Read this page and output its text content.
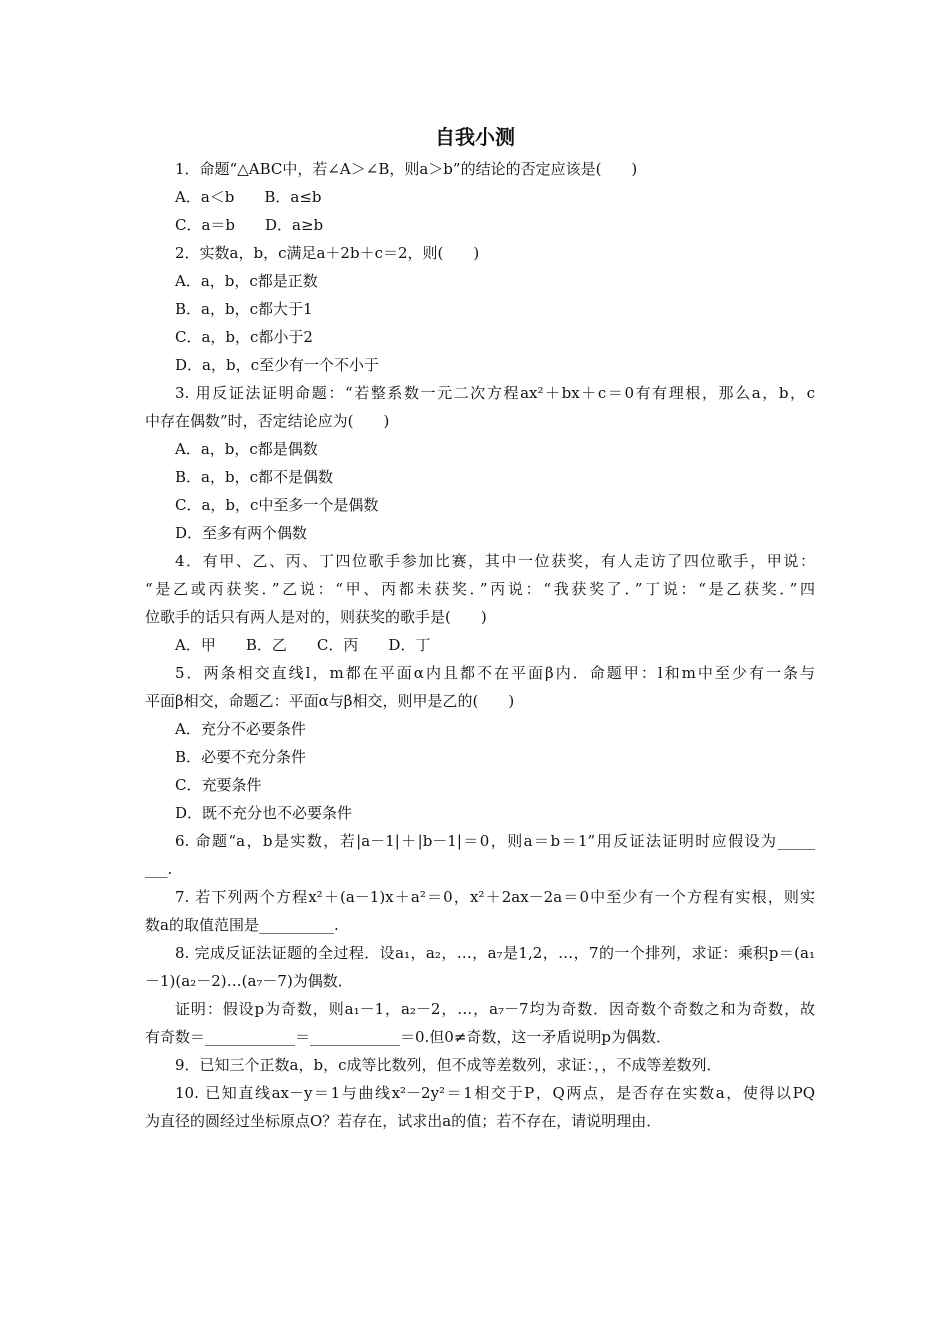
自我小测
1．命题“△ABC中，若∠A＞∠B，则a＞b”的结论的否定应该是(　　)
A．a＜b　　B．a≤b
C．a＝b　　D．a≥b
2．实数a，b，c满足a＋2b＋c＝2，则(　　)
A．a，b，c都是正数
B．a，b，c都大于1
C．a，b，c都小于2
D．a，b，c至少有一个不小于
3. 用反证法证明命题：“若整系数一元二次方程ax²＋bx＋c＝0有有理根，那么a，b，c
中存在偶数”时，否定结论应为(　　)
A．a，b，c都是偶数
B．a，b，c都不是偶数
C．a，b，c中至多一个是偶数
D．至多有两个偶数
4．有甲、乙、丙、丁四位歌手参加比赛，其中一位获奖，有人走访了四位歌手，甲说：
“是乙或丙获奖．”乙说：“甲、丙都未获奖．”丙说：“我获奖了．”丁说：“是乙获奖．”四
位歌手的话只有两人是对的，则获奖的歌手是(　　)
A．甲　　B．乙　　C．丙　　D．丁
5．两条相交直线l，m都在平面α内且都不在平面β内．命题甲：l和m中至少有一条与
平面β相交，命题乙：平面α与β相交，则甲是乙的(　　)
A．充分不必要条件
B．必要不充分条件
C．充要条件
D．既不充分也不必要条件
6. 命题“a，b是实数，若|a－1|＋|b－1|＝0，则a＝b＝1”用反证法证明时应假设为_____
___.
7. 若下列两个方程x²＋(a－1)x＋a²＝0，x²＋2ax－2a＝0中至少有一个方程有实根，则实
数a的取值范围是__________.
8. 完成反证法证题的全过程．设a₁，a₂，…，a₇是1,2，…，7的一个排列，求证：乘积p＝(a₁
－1)(a₂－2)…(a₇－7)为偶数．
证明：假设p为奇数，则a₁－1，a₂－2，…，a₇－7均为奇数．因奇数个奇数之和为奇数，故
有奇数＝____________＝____________＝0.但0≠奇数，这一矛盾说明p为偶数．
9．已知三个正数a，b，c成等比数列，但不成等差数列，求证：，，不成等差数列．
10. 已知直线ax－y＝1与曲线x²－2y²＝1相交于P，Q两点，是否存在实数a，使得以PQ
为直径的圆经过坐标原点O？若存在，试求出a的值；若不存在，请说明理由．
